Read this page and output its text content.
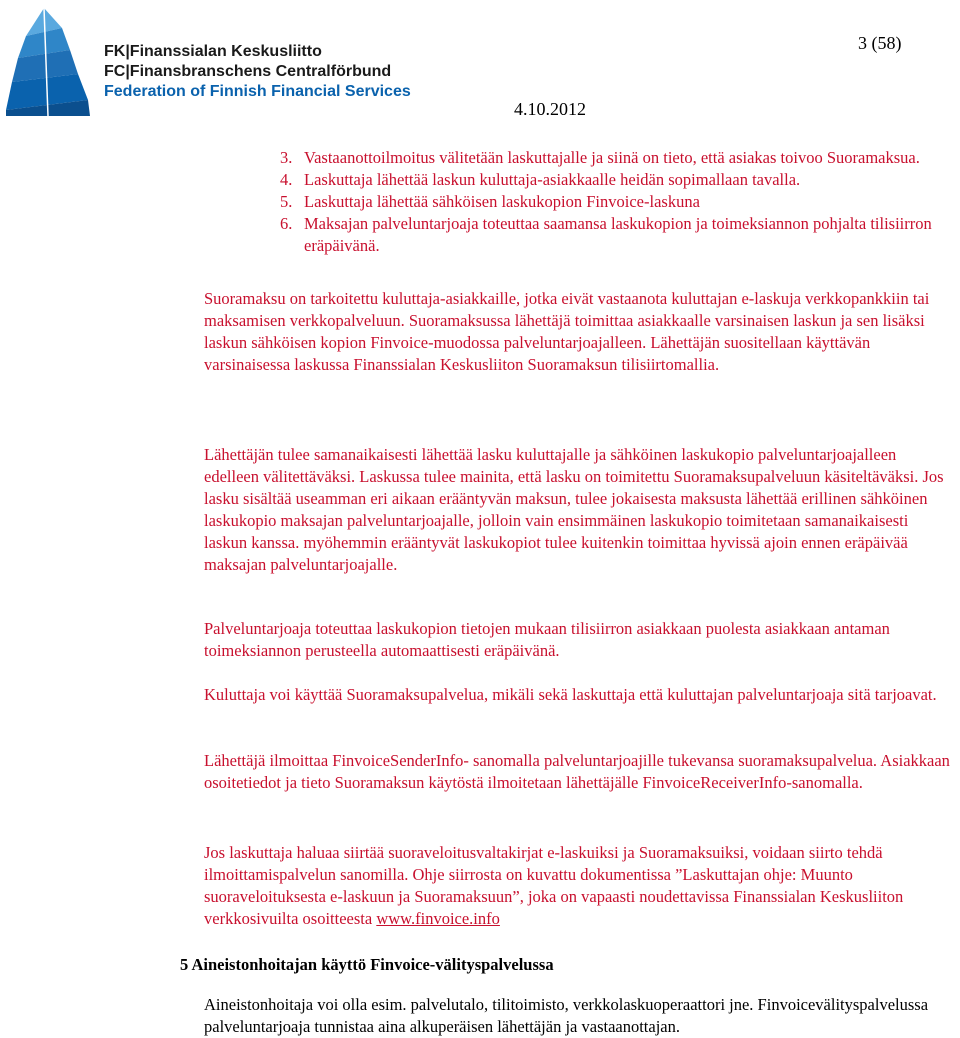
FK|Finanssialan Keskusliitto
FC|Finansbranschens Centralförbund
Federation of Finnish Financial Services
3 (58)
4.10.2012
3. Vastaanottoilmoitus välitetään laskuttajalle ja siinä on tieto, että asiakas toivoo Suoramaksua.
4. Laskuttaja lähettää laskun kuluttaja-asiakkaalle heidän sopimallaan tavalla.
5. Laskuttaja lähettää sähköisen laskukopion Finvoice-laskuna
6. Maksajan palveluntarjoaja toteuttaa saamansa laskukopion ja toimeksiannon pohjalta tilisiirron eräpäivänä.

Suoramaksu on tarkoitettu kuluttaja-asiakkaille, jotka eivät vastaanota kuluttajan e-laskuja verkkopankkiin tai maksamisen verkkopalveluun. Suoramaksussa lähettäjä toimittaa asiakkaalle varsinaisen laskun ja sen lisäksi laskun sähköisen kopion Finvoice-muodossa palveluntarjoajalleen. Lähettäjän suositellaan käyttävän varsinaisessa laskussa Finanssialan Keskusliiton Suoramaksun tilisiirtomallia.

Lähettäjän tulee samanaikaisesti lähettää lasku kuluttajalle ja sähköinen laskukopio palveluntarjoajalleen edelleen välitettäväksi. Laskussa tulee mainita, että lasku on toimitettu Suoramaksupalveluun käsiteltäväksi. Jos lasku sisältää useamman eri aikaan erääntyvän maksun, tulee jokaisesta maksusta lähettää erillinen sähköinen laskukopio maksajan palveluntarjoajalle, jolloin vain ensimmäinen laskukopio toimitetaan samanaikaisesti laskun kanssa. myöhemmin erääntyvät laskukopiot tulee kuitenkin toimittaa hyvissä ajoin ennen eräpäivää maksajan palveluntarjoajalle.

Palveluntarjoaja toteuttaa laskukopion tietojen mukaan tilisiirron asiakkaan puolesta asiakkaan antaman toimeksiannon perusteella automaattisesti eräpäivänä.

Kuluttaja voi käyttää Suoramaksupalvelua, mikäli sekä laskuttaja että kuluttajan palveluntarjoaja sitä tarjoavat.

Lähettäjä ilmoittaa FinvoiceSenderInfo- sanomalla palveluntarjoajille tukevansa suoramaksupalvelua. Asiakkaan osoitetiedot ja tieto Suoramaksun käytöstä ilmoitetaan lähettäjälle FinvoiceReceiverInfo-sanomalla.

Jos laskuttaja haluaa siirtää suoraveloitusvaltakirjat e-laskuiksi ja Suoramaksuiksi, voidaan siirto tehdä ilmoittamispalvelun sanomilla. Ohje siirrosta on kuvattu dokumentissa ”Laskuttajan ohje: Muunto suoraveloituksesta e-laskuun ja Suoramaksuun”, joka on vapaasti noudettavissa Finanssialan Keskusliiton verkkosivuilta osoitteesta www.finvoice.info

5 Aineistonhoitajan käyttö Finvoice-välityspalvelussa

Aineistonhoitaja voi olla esim. palvelutalo, tilitoimisto, verkkolaskuoperaattori jne. Finvoicevälityspalvelussa palveluntarjoaja tunnistaa aina alkuperäisen lähettäjän ja vastaanottajan.
